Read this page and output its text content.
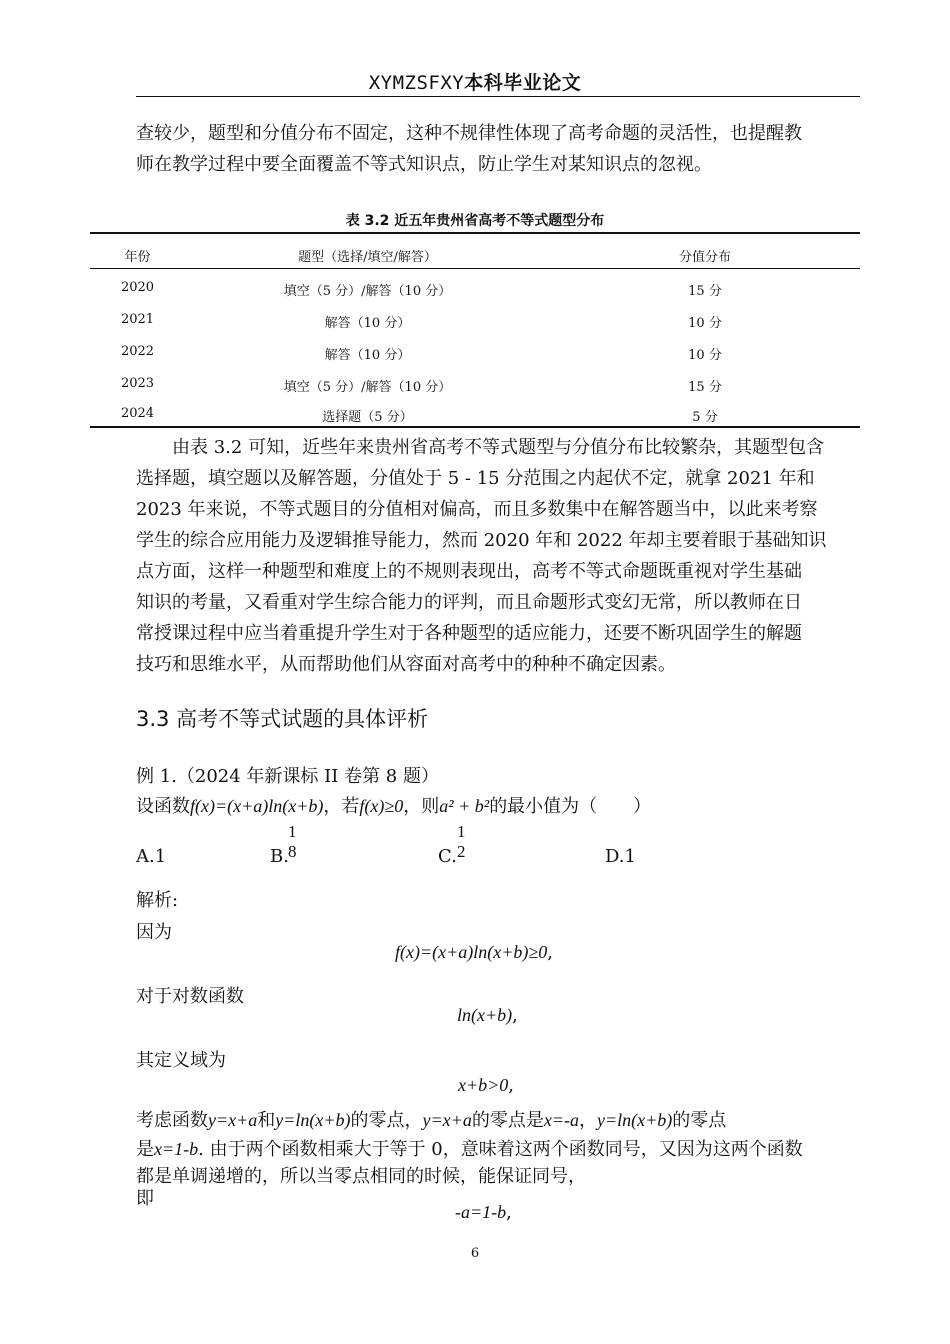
XYMZSFXY本科毕业论文

查较少，题型和分值分布不固定，这种不规律性体现了高考命题的灵活性，也提醒教

师在教学过程中要全面覆盖不等式知识点，防止学生对某知识点的忽视。

表 3.2 近五年贵州省高考不等式题型分布
年份	题型（选择/填空/解答）	分值分布
2020	填空（5 分）/解答（10 分）	15 分
2021	解答（10 分）	10 分
2022	解答（10 分）	10 分
2023	填空（5 分）/解答（10 分）	15 分
2024	选择题（5 分）	5 分

由表 3.2 可知，近些年来贵州省高考不等式题型与分值分布比较繁杂，其题型包含

选择题，填空题以及解答题，分值处于 5 - 15 分范围之内起伏不定，就拿 2021 年和

2023 年来说，不等式题目的分值相对偏高，而且多数集中在解答题当中，以此来考察

学生的综合应用能力及逻辑推导能力，然而 2020 年和 2022 年却主要着眼于基础知识

点方面，这样一种题型和难度上的不规则表现出，高考不等式命题既重视对学生基础

知识的考量，又看重对学生综合能力的评判，而且命题形式变幻无常，所以教师在日

常授课过程中应当着重提升学生对于各种题型的适应能力，还要不断巩固学生的解题

技巧和思维水平，从而帮助他们从容面对高考中的种种不确定因素。

3.3 高考不等式试题的具体评析
例 1.（2024 年新课标 II 卷第 8 题）
设函数f(x)=(x+a)ln(x+b)，若f(x)≥0，则a² + b²的最小值为（　　）
A.1	B.
1
8	C.
1
2	D.1
解析:
因为
f(x)=(x+a)ln(x+b)≥0,
对于对数函数
ln(x+b),
其定义域为
x+b>0,
考虑函数y=x+a和y=ln(x+b)的零点，y=x+a的零点是x=-a，y=ln(x+b)的零点
是x=1-b. 由于两个函数相乘大于等于 0，意味着这两个函数同号，又因为这两个函数
都是单调递增的，所以当零点相同的时候，能保证同号，
即
-a=1-b,
6
